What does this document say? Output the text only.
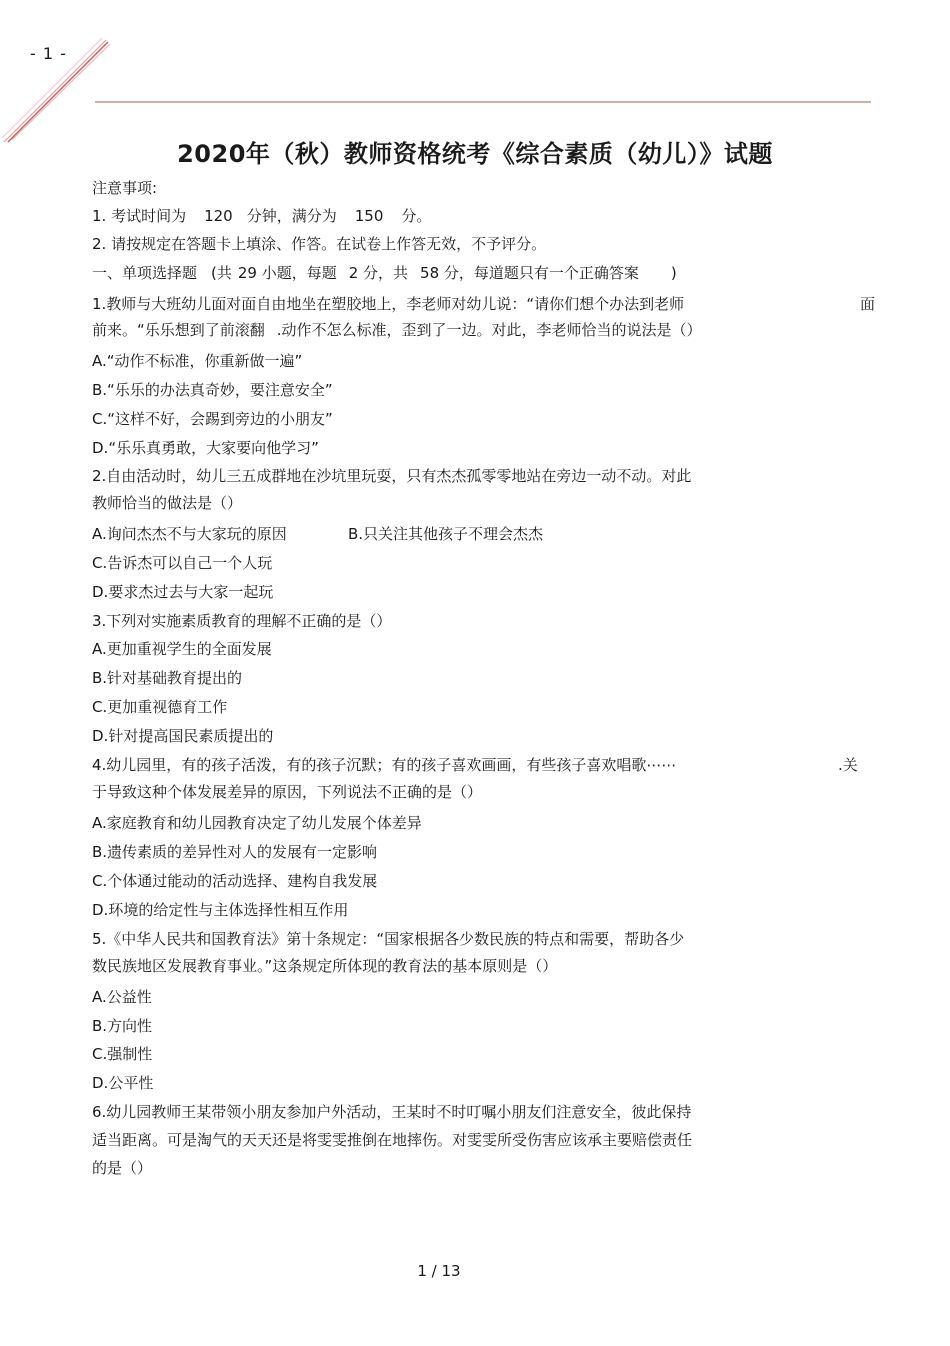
- 1 -
2020年（秋）教师资格统考《综合素质（幼儿）》试题
注意事项:
1. 考试时间为 120 分钟，满分为 150 分。
2. 请按规定在答题卡上填涂、作答。在试卷上作答无效，不予评分。
一、单项选择题 (共 29 小题，每题 2 分，共 58 分，每道题只有一个正确答案 )
1.教师与大班幼儿面对面自由地坐在塑胶地上，李老师对幼儿说：“请你们想个办法到老师	面
前来。“乐乐想到了前滚翻 .动作不怎么标准，歪到了一边。对此，李老师恰当的说法是（）
A.“动作不标准，你重新做一遍”
B.“乐乐的办法真奇妙，要注意安全”
C.“这样不好，会踢到旁边的小朋友”
D.“乐乐真勇敢，大家要向他学习”
2.自由活动时，幼儿三五成群地在沙坑里玩耍，只有杰杰孤零零地站在旁边一动不动。对此
教师恰当的做法是（）
A.询问杰杰不与大家玩的原因	B.只关注其他孩子不理会杰杰
C.告诉杰可以自己一个人玩
D.要求杰过去与大家一起玩
3.下列对实施素质教育的理解不正确的是（）
A.更加重视学生的全面发展
B.针对基础教育提出的
C.更加重视德育工作
D.针对提高国民素质提出的
4.幼儿园里，有的孩子活泼，有的孩子沉默；有的孩子喜欢画画，有些孩子喜欢唱歌⋯⋯	.关
于导致这种个体发展差异的原因，下列说法不正确的是（）
A.家庭教育和幼儿园教育决定了幼儿发展个体差异
B.遗传素质的差异性对人的发展有一定影响
C.个体通过能动的活动选择、建构自我发展
D.环境的给定性与主体选择性相互作用
5.《中华人民共和国教育法》第十条规定：“国家根据各少数民族的特点和需要，帮助各少
数民族地区发展教育事业。”这条规定所体现的教育法的基本原则是（）
A.公益性
B.方向性
C.强制性
D.公平性
6.幼儿园教师王某带领小朋友参加户外活动，王某时不时叮嘱小朋友们注意安全，彼此保持
适当距离。可是淘气的天天还是将雯雯推倒在地摔伤。对雯雯所受伤害应该承主要赔偿责任
的是（）
1 / 13
